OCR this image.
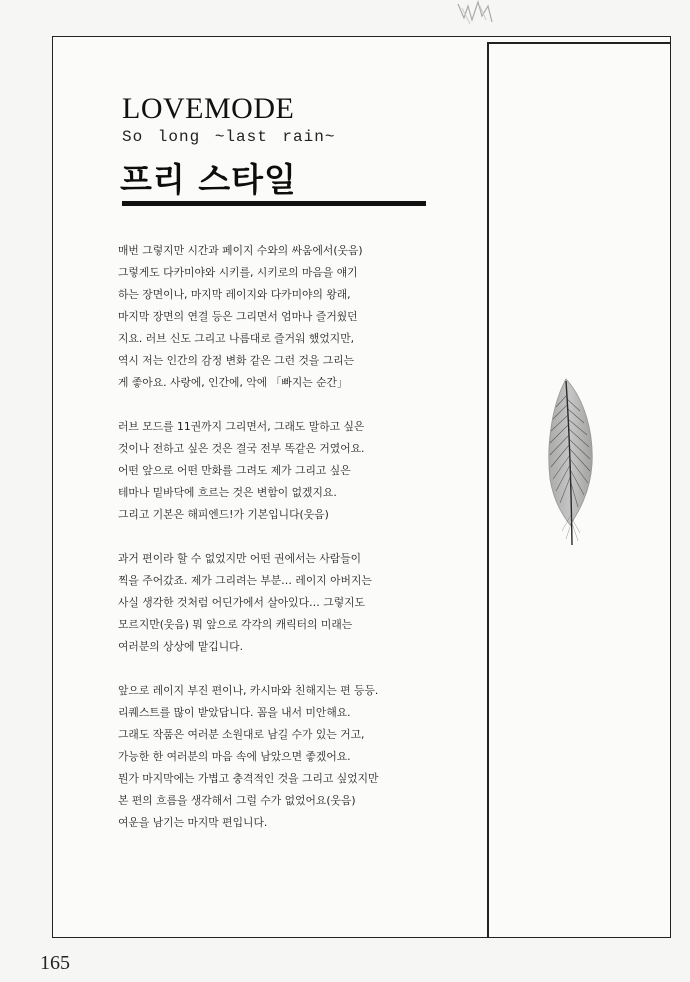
LOVEMODE

So long ~last rain~

프리 스타일
매번 그렇지만 시간과 페이지 수와의 싸움에서(웃음)
그렇게도 다카미야와 시키를, 시키로의 마음을 얘기
하는 장면이나, 마지막 레이지와 다카미야의 왕래,
마지막 장면의 연결 등은 그리면서 엄마나 즐거웠던
지요. 러브 신도 그리고 나름대로 즐거워 했었지만,
역시 저는 인간의 감정 변화 같은 그런 것을 그리는
게 좋아요. 사랑에, 인간에, 악에 「빠지는 순간」
러브 모드를 11권까지 그리면서, 그래도 말하고 싶은
것이나 전하고 싶은 것은 결국 전부 똑같은 거였어요.
어떤 앞으로 어떤 만화를 그려도 제가 그리고 싶은
테마나 밑바닥에 흐르는 것은 변함이 없겠지요.
그리고 기본은 해피엔드!가 기본입니다(웃음)
과거 편이라 할 수 없었지만 어떤 권에서는 사람들이
찍을 주어갔죠. 제가 그리려는 부분… 레이지 아버지는
사실 생각한 것처럼 어딘가에서 살아있다… 그렇지도
모르지만(웃음) 뭐 앞으로 각각의 캐릭터의 미래는
여러분의 상상에 맡깁니다.
앞으로 레이지 부진 편이나, 카시마와 친해지는 편 등등.
리퀘스트를 많이 받았답니다. 꼼을 내서 미안해요.
그래도 작품은 여러분 소원대로 남길 수가 있는 거고,
가능한 한 여러분의 마음 속에 남았으면 좋겠어요.
뭔가 마지막에는 가볍고 충격적인 것을 그리고 싶었지만
본 편의 흐름을 생각해서 그럴 수가 없었어요(웃음)
여운을 남기는 마지막 편입니다.

165
